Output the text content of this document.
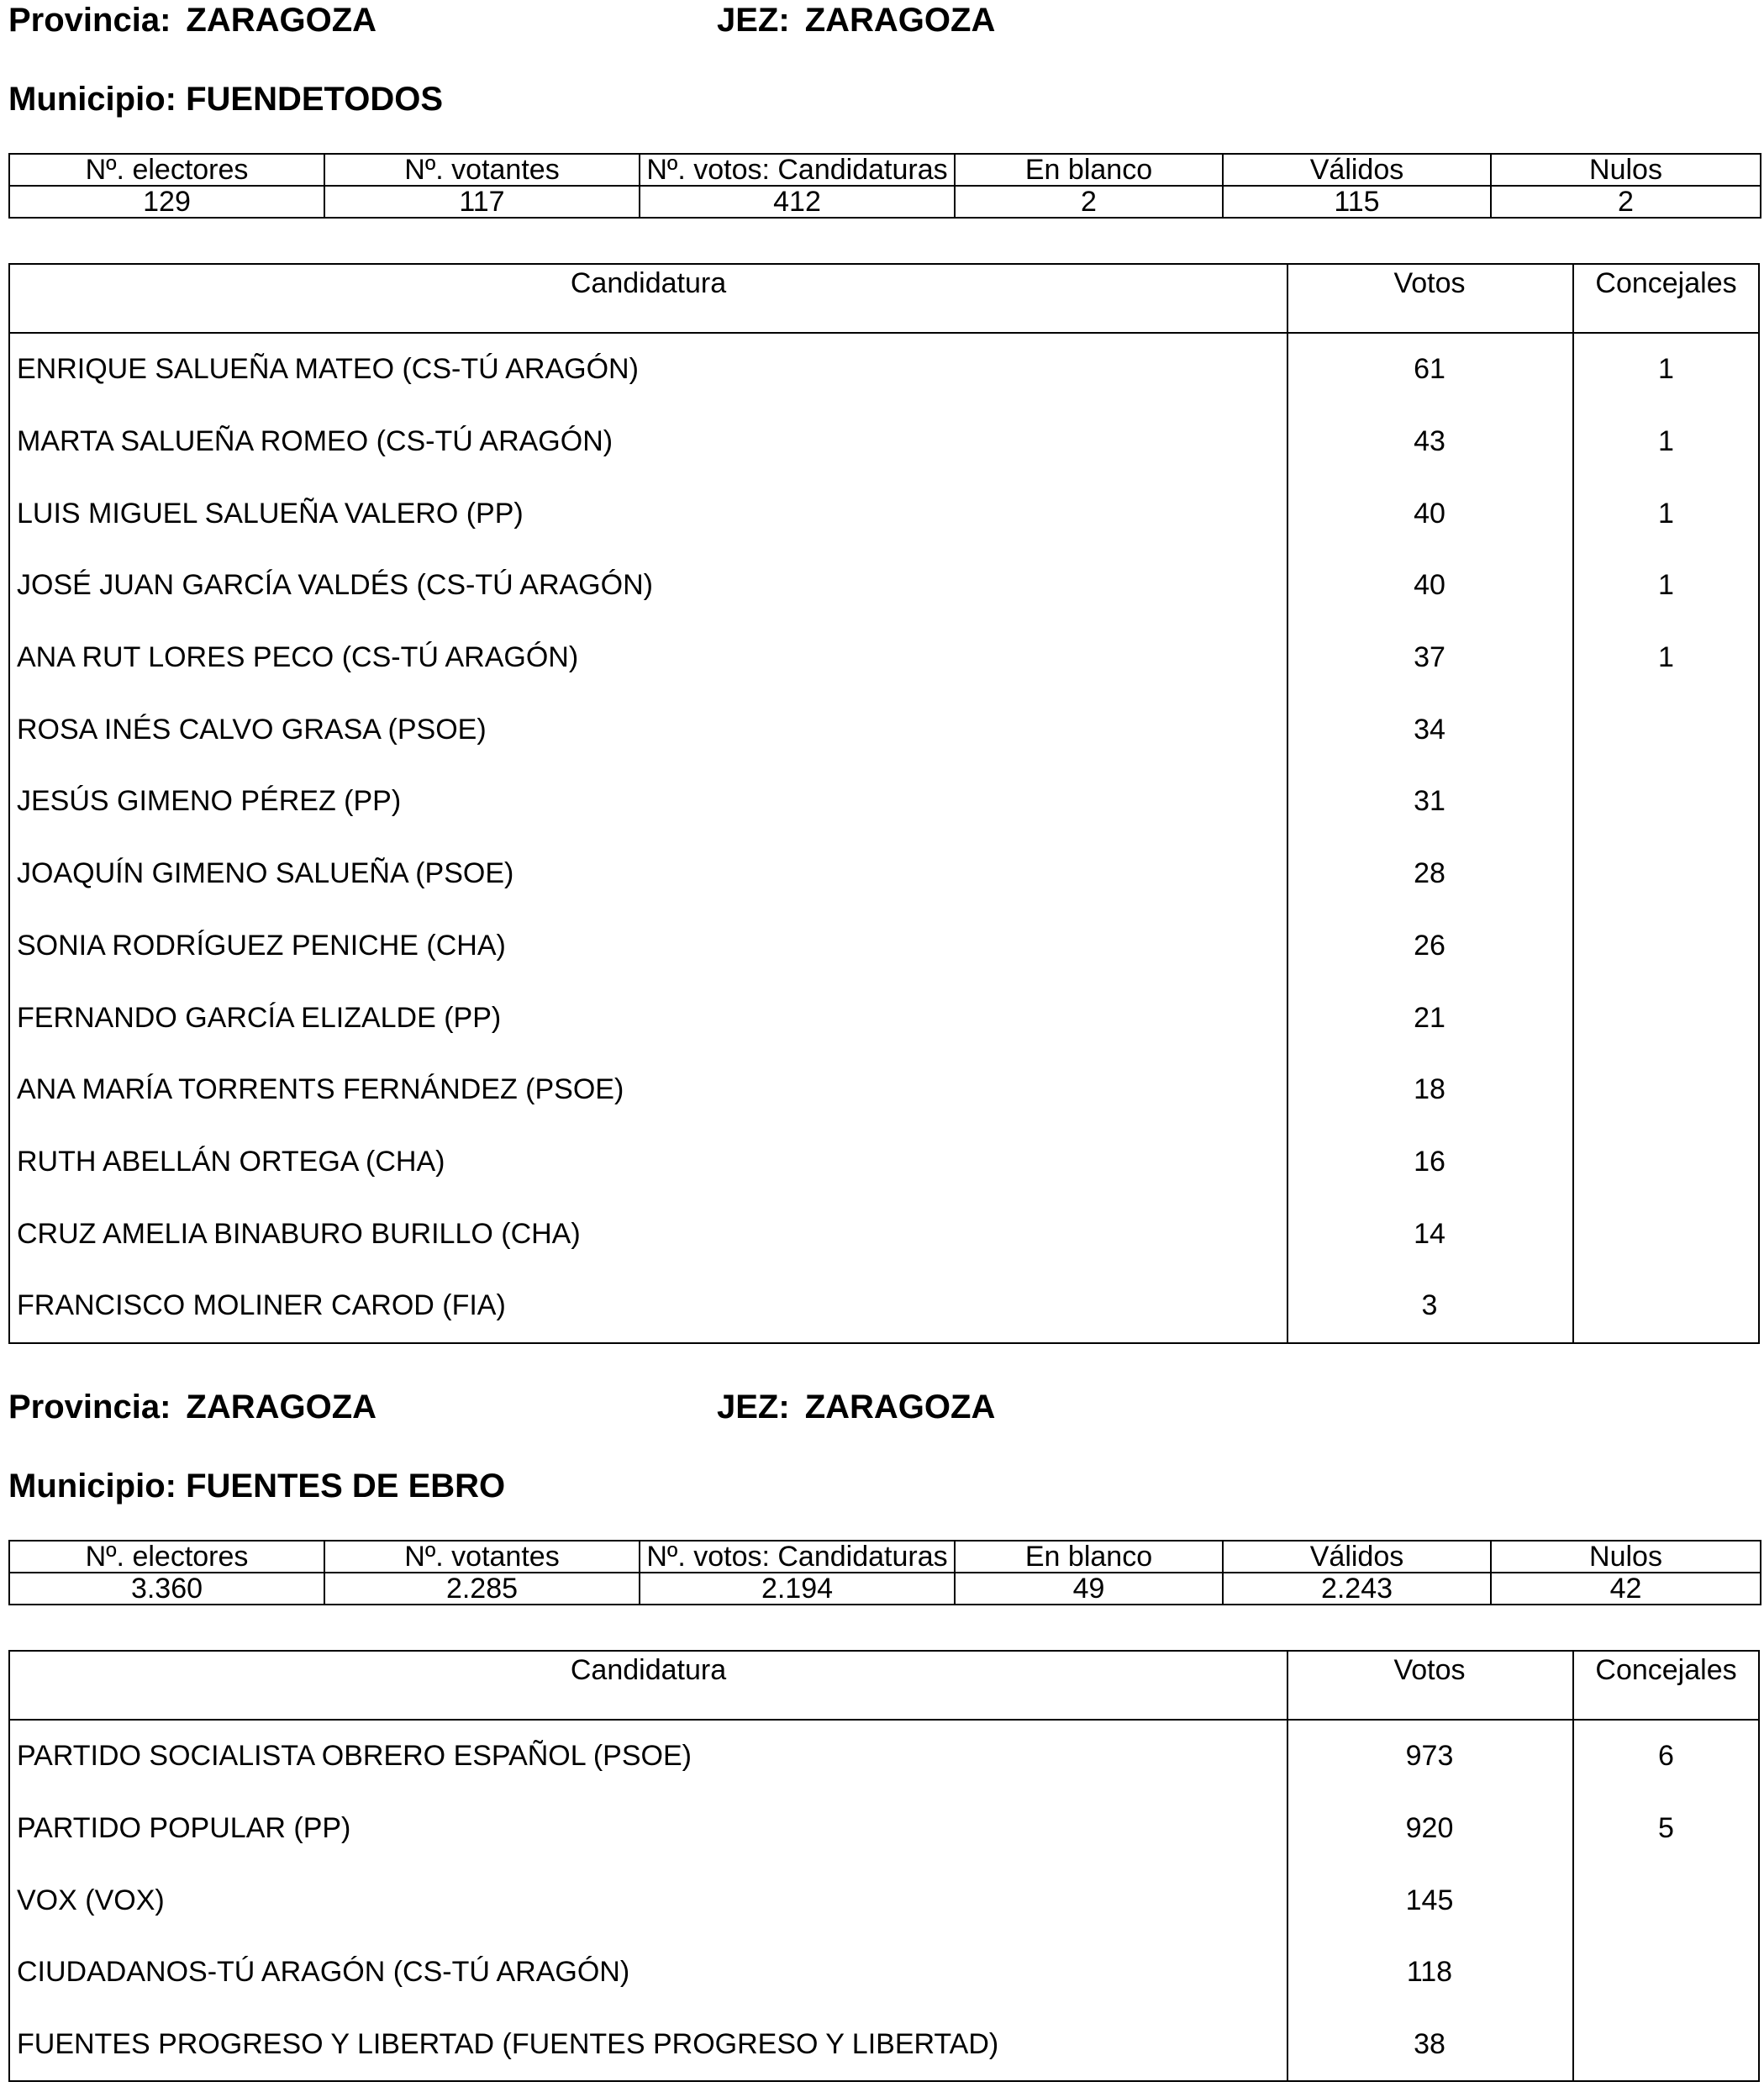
Provincia: ZARAGOZA	JEZ: ZARAGOZA
Municipio: FUENDETODOS
Nº. electores	Nº. votantes	Nº. votos: Candidaturas	En blanco	Válidos	Nulos
129	117	412	2	115	2
Candidatura	Votos	Concejales
ENRIQUE SALUEÑA MATEO (CS-TÚ ARAGÓN)	61	1
MARTA SALUEÑA ROMEO (CS-TÚ ARAGÓN)	43	1
LUIS MIGUEL SALUEÑA VALERO (PP)	40	1
JOSÉ JUAN GARCÍA VALDÉS (CS-TÚ ARAGÓN)	40	1
ANA RUT LORES PECO (CS-TÚ ARAGÓN)	37	1
ROSA INÉS CALVO GRASA (PSOE)	34
JESÚS GIMENO PÉREZ (PP)	31
JOAQUÍN GIMENO SALUEÑA (PSOE)	28
SONIA RODRÍGUEZ PENICHE (CHA)	26
FERNANDO GARCÍA ELIZALDE (PP)	21
ANA MARÍA TORRENTS FERNÁNDEZ (PSOE)	18
RUTH ABELLÁN ORTEGA (CHA)	16
CRUZ AMELIA BINABURO BURILLO (CHA)	14
FRANCISCO MOLINER CAROD (FIA)	3
Provincia: ZARAGOZA	JEZ: ZARAGOZA
Municipio: FUENTES DE EBRO
Nº. electores	Nº. votantes	Nº. votos: Candidaturas	En blanco	Válidos	Nulos
3.360	2.285	2.194	49	2.243	42
Candidatura	Votos	Concejales
PARTIDO SOCIALISTA OBRERO ESPAÑOL (PSOE)	973	6
PARTIDO POPULAR (PP)	920	5
VOX (VOX)	145
CIUDADANOS-TÚ ARAGÓN (CS-TÚ ARAGÓN)	118
FUENTES PROGRESO Y LIBERTAD (FUENTES PROGRESO Y LIBERTAD)	38
